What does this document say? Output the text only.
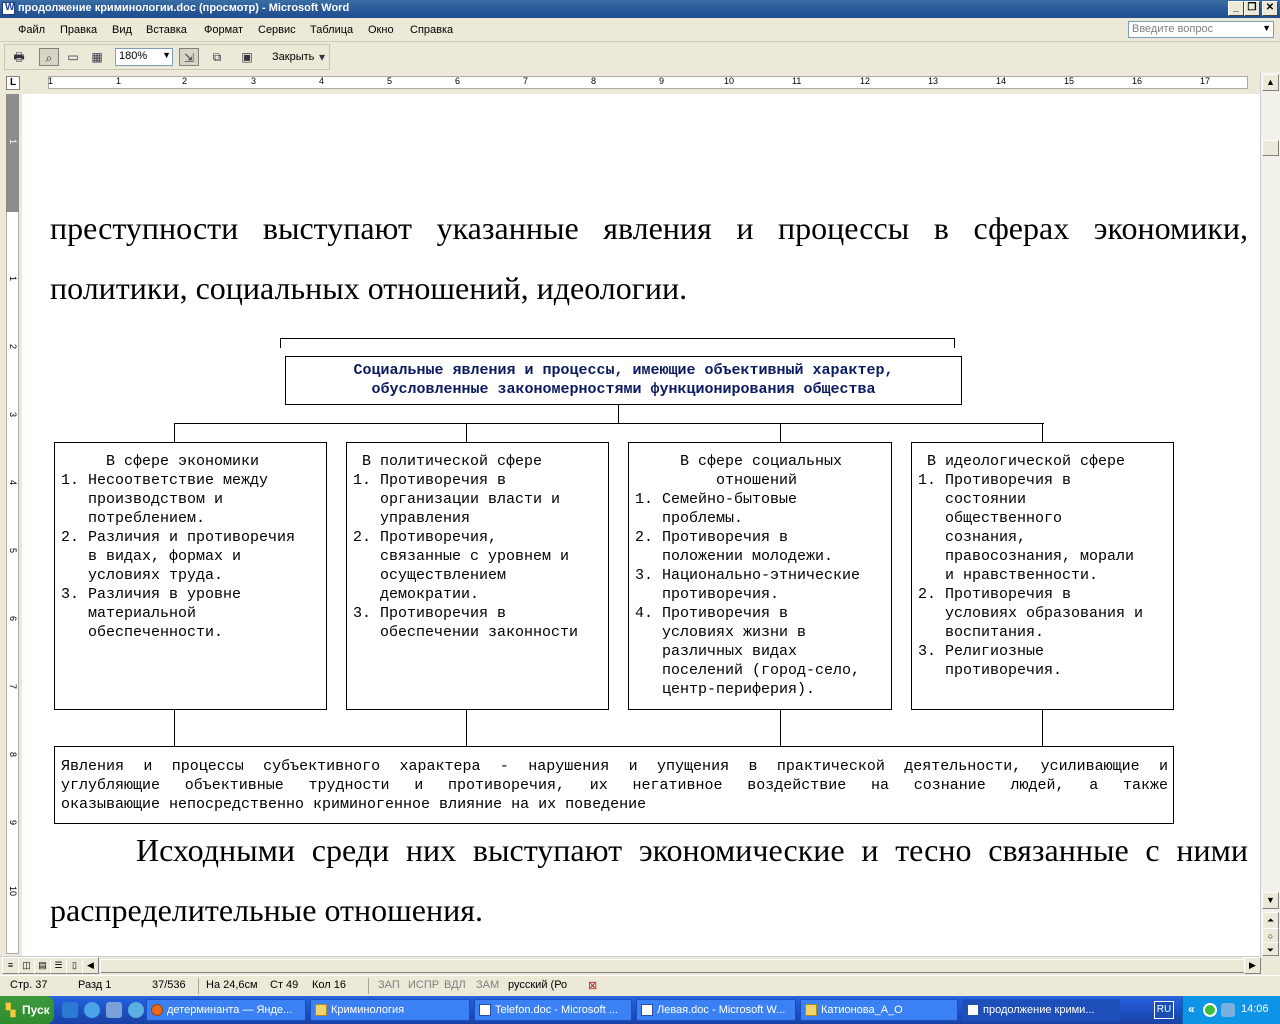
W
продолжение криминологии.doc (просмотр) - Microsoft Word	_ ❐ ✕
Файл Правка Вид Вставка Формат Сервис Таблица Окно Справка	Введите вопрос	▼
🖶	⌕	▭	▦	180% ▼	⇲	⧉	▣	Закрыть ▾
L	1	1	2	3	4	5	6	7	8	9	10	11	12	13	14	15	16	17
1
1
2
3
4
5
6
7
8
9
10
преступности выступают указанные явления и процессы в сферах экономики,
политики, социальных отношений, идеологии.
Социальные явления и процессы, имеющие объективный характер,
обусловленные закономерностями функционирования общества
В сфере экономики
1. Несоответствие между
производством и
потреблением.
2. Различия и противоречия
в видах, формах и
условиях труда.
3. Различия в уровне
материальной
обеспеченности.
В политической сфере
1. Противоречия в
организации власти и
управления
2. Противоречия,
связанные с уровнем и
осуществлением
демократии.
3. Противоречия в
обеспечении законности
В сфере социальных
отношений
1. Семейно-бытовые
проблемы.
2. Противоречия в
положении молодежи.
3. Национально-этнические
противоречия.
4. Противоречия в
условиях жизни в
различных видах
поселений (город-село,
центр-периферия).
В идеологической сфере
1. Противоречия в
состоянии
общественного
сознания,
правосознания, морали
и нравственности.
2. Противоречия в
условиях образования и
воспитания.
3. Религиозные
противоречия.
Явления и процессы субъективного характера - нарушения и упущения в практической деятельности, усиливающие и
углубляющие объективные трудности и противоречия, их негативное воздействие на сознание людей, а также
оказывающие непосредственно криминогенное влияние на их поведение
Исходными среди них выступают экономические и тесно связанные с ними
распределительные отношения.
▲
▼
⏶
○
⏷
≡	◫ ▤ ☰	▯	◀	▶
Стр. 37	Разд 1	37/536 На 24,6см Ст 49 Кол 16	ЗАП ИСПР ВДЛ ЗАМ русский (Ро ⊠
▚ Пуск	детерминанта — Янде...	Криминология	Telefon.doc - Microsoft ...	Левая.doc - Microsoft W...	Катионова_А_О	продолжение крими...	RU «	14:06
